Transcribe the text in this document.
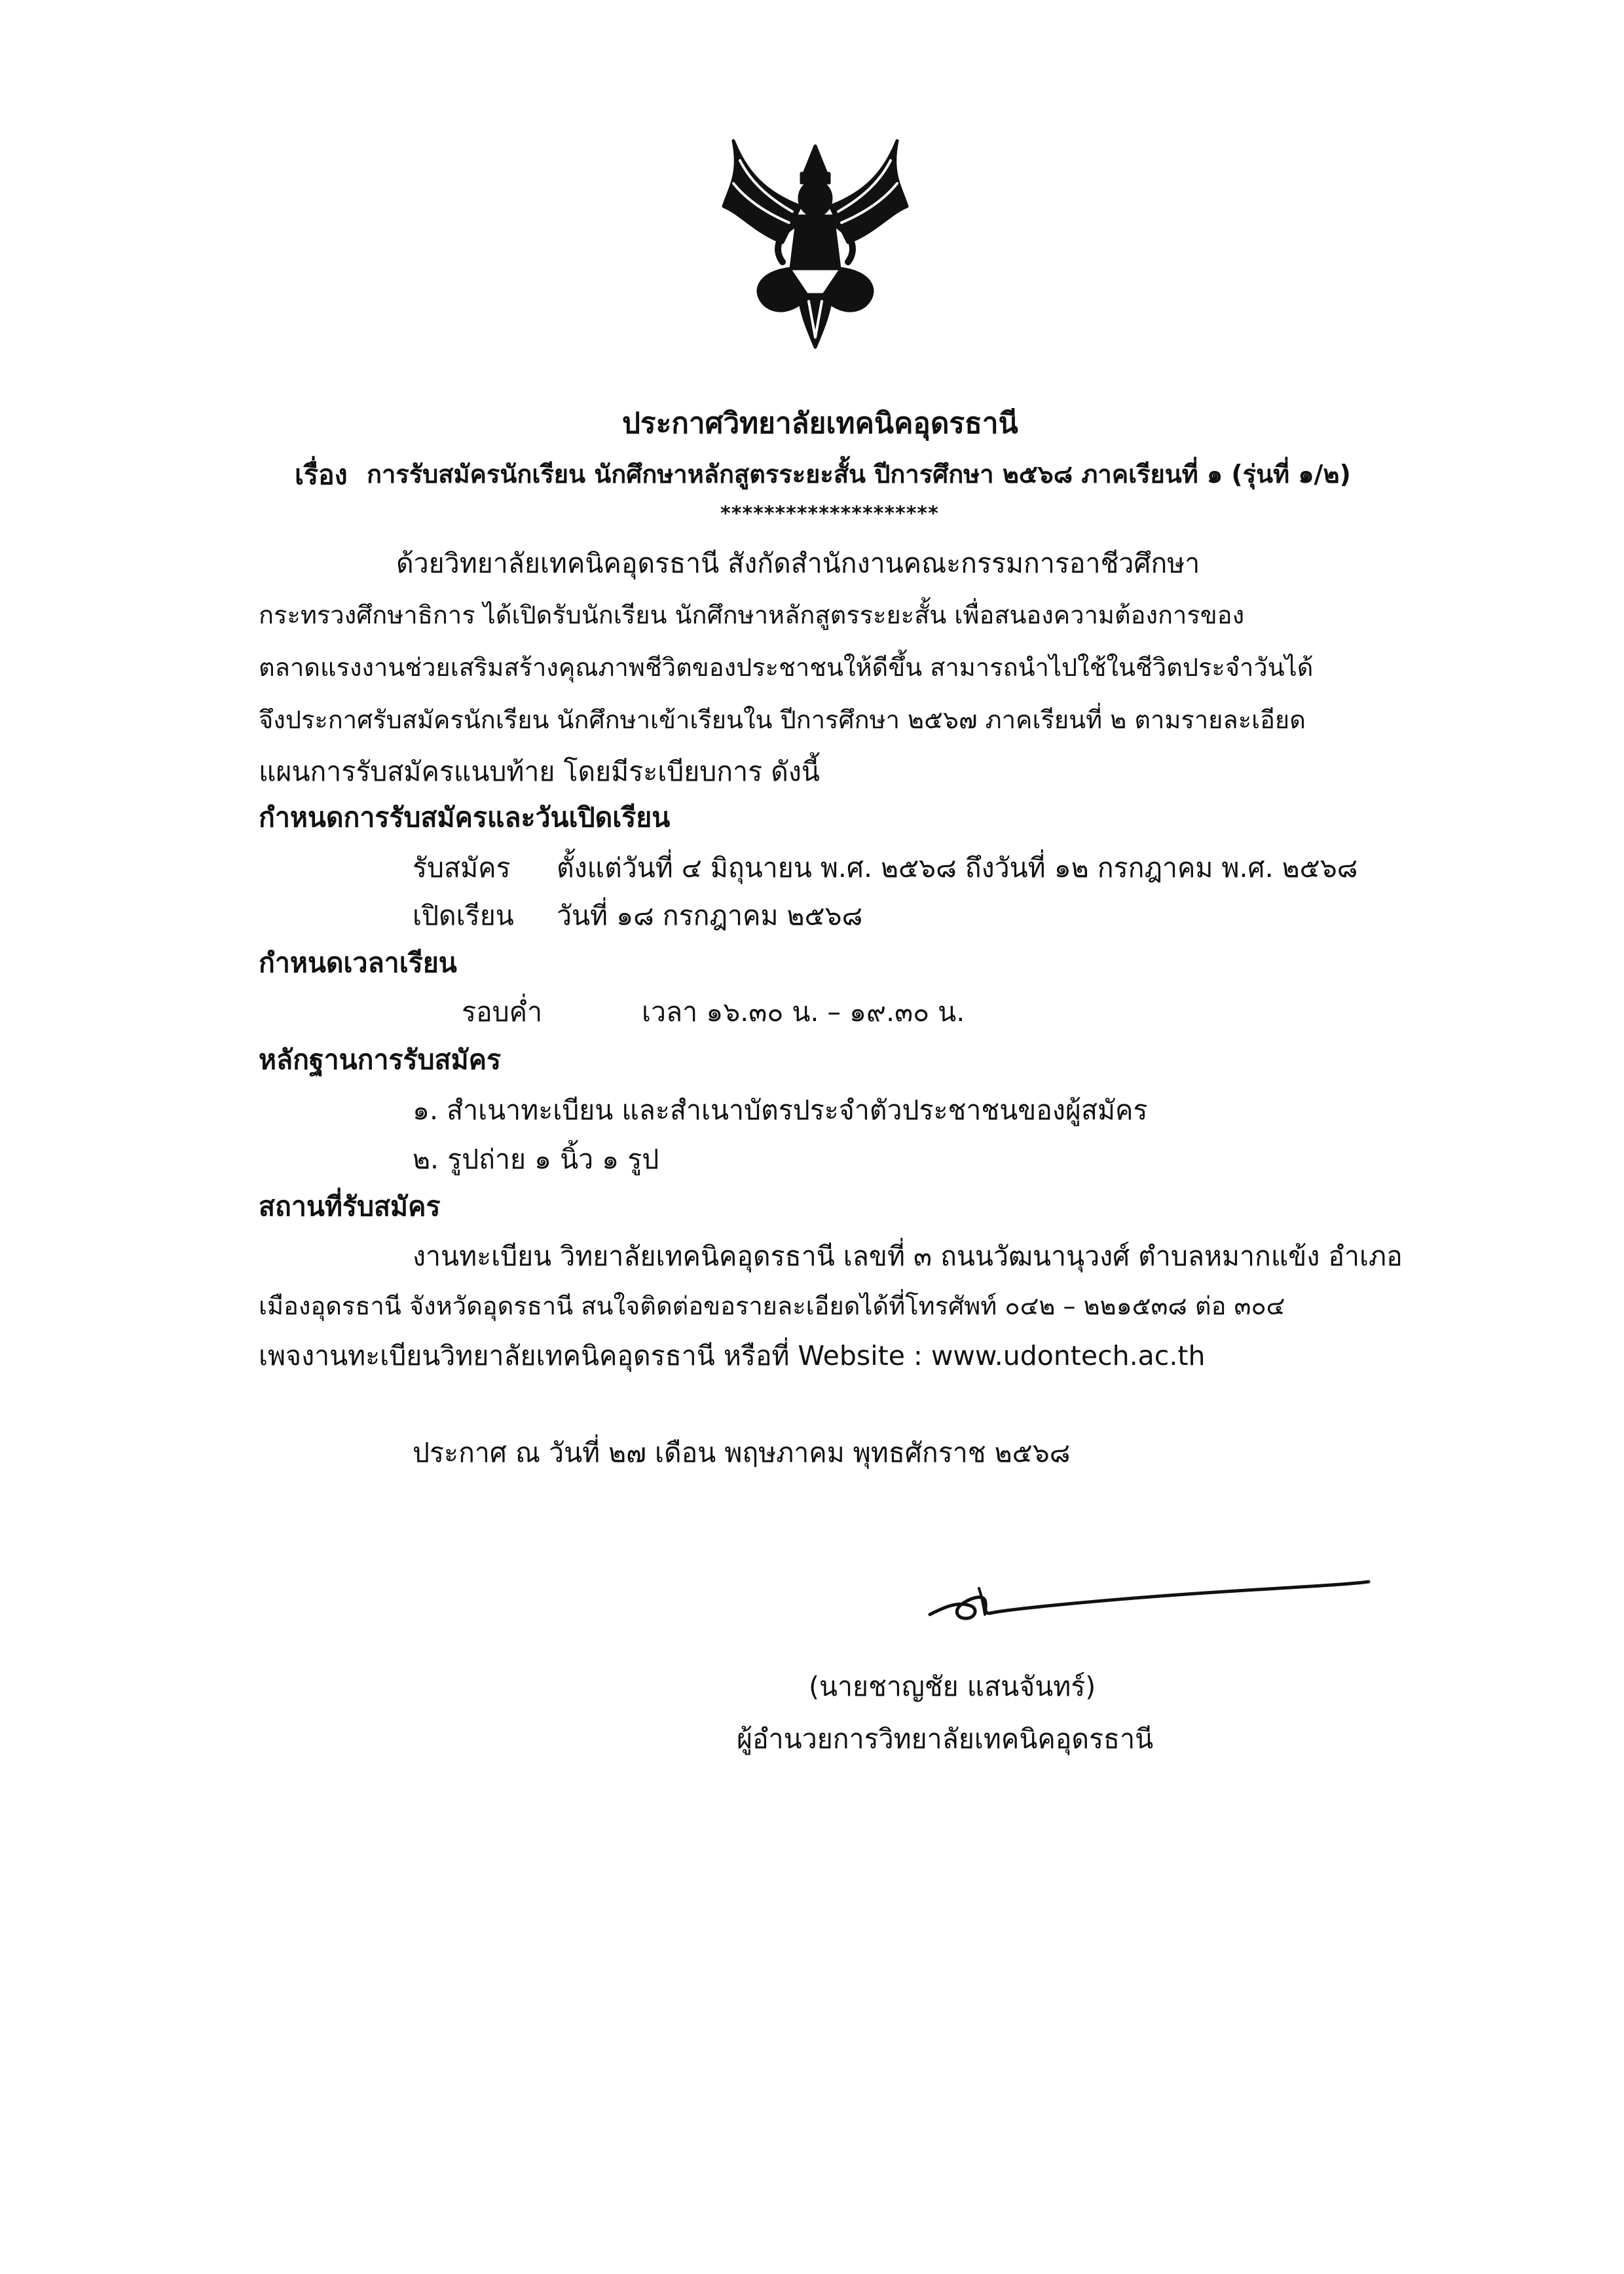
ประกาศวิทยาลัยเทคนิคอุดรธานี
เรื่อง การรับสมัครนักเรียน นักศึกษาหลักสูตรระยะสั้น ปีการศึกษา ๒๕๖๘ ภาคเรียนที่ ๑ (รุ่นที่ ๑/๒)
********************
ด้วยวิทยาลัยเทคนิคอุดรธานี สังกัดสำนักงานคณะกรรมการอาชีวศึกษา
กระทรวงศึกษาธิการ ได้เปิดรับนักเรียน นักศึกษาหลักสูตรระยะสั้น เพื่อสนองความต้องการของ
ตลาดแรงงานช่วยเสริมสร้างคุณภาพชีวิตของประชาชนให้ดีขึ้น สามารถนำไปใช้ในชีวิตประจำวันได้
จึงประกาศรับสมัครนักเรียน นักศึกษาเข้าเรียนใน ปีการศึกษา ๒๕๖๗ ภาคเรียนที่ ๒ ตามรายละเอียด
แผนการรับสมัครแนบท้าย โดยมีระเบียบการ ดังนี้
กำหนดการรับสมัครและวันเปิดเรียน
รับสมัคร ตั้งแต่วันที่ ๔ มิถุนายน พ.ศ. ๒๕๖๘ ถึงวันที่ ๑๒ กรกฎาคม พ.ศ. ๒๕๖๘
เปิดเรียน วันที่ ๑๘ กรกฎาคม ๒๕๖๘
กำหนดเวลาเรียน
รอบค่ำ	เวลา ๑๖.๓๐ น. – ๑๙.๓๐ น.
หลักฐานการรับสมัคร
๑. สำเนาทะเบียน และสำเนาบัตรประจำตัวประชาชนของผู้สมัคร
๒. รูปถ่าย ๑ นิ้ว ๑ รูป
สถานที่รับสมัคร
งานทะเบียน วิทยาลัยเทคนิคอุดรธานี เลขที่ ๓ ถนนวัฒนานุวงศ์ ตำบลหมากแข้ง อำเภอ
เมืองอุดรธานี จังหวัดอุดรธานี สนใจติดต่อขอรายละเอียดได้ที่โทรศัพท์ ๐๔๒ – ๒๒๑๕๓๘ ต่อ ๓๐๔
เพจงานทะเบียนวิทยาลัยเทคนิคอุดรธานี หรือที่ Website : www.udontech.ac.th
ประกาศ ณ วันที่ ๒๗ เดือน พฤษภาคม พุทธศักราช ๒๕๖๘
(นายชาญชัย แสนจันทร์)
ผู้อำนวยการวิทยาลัยเทคนิคอุดรธานี
